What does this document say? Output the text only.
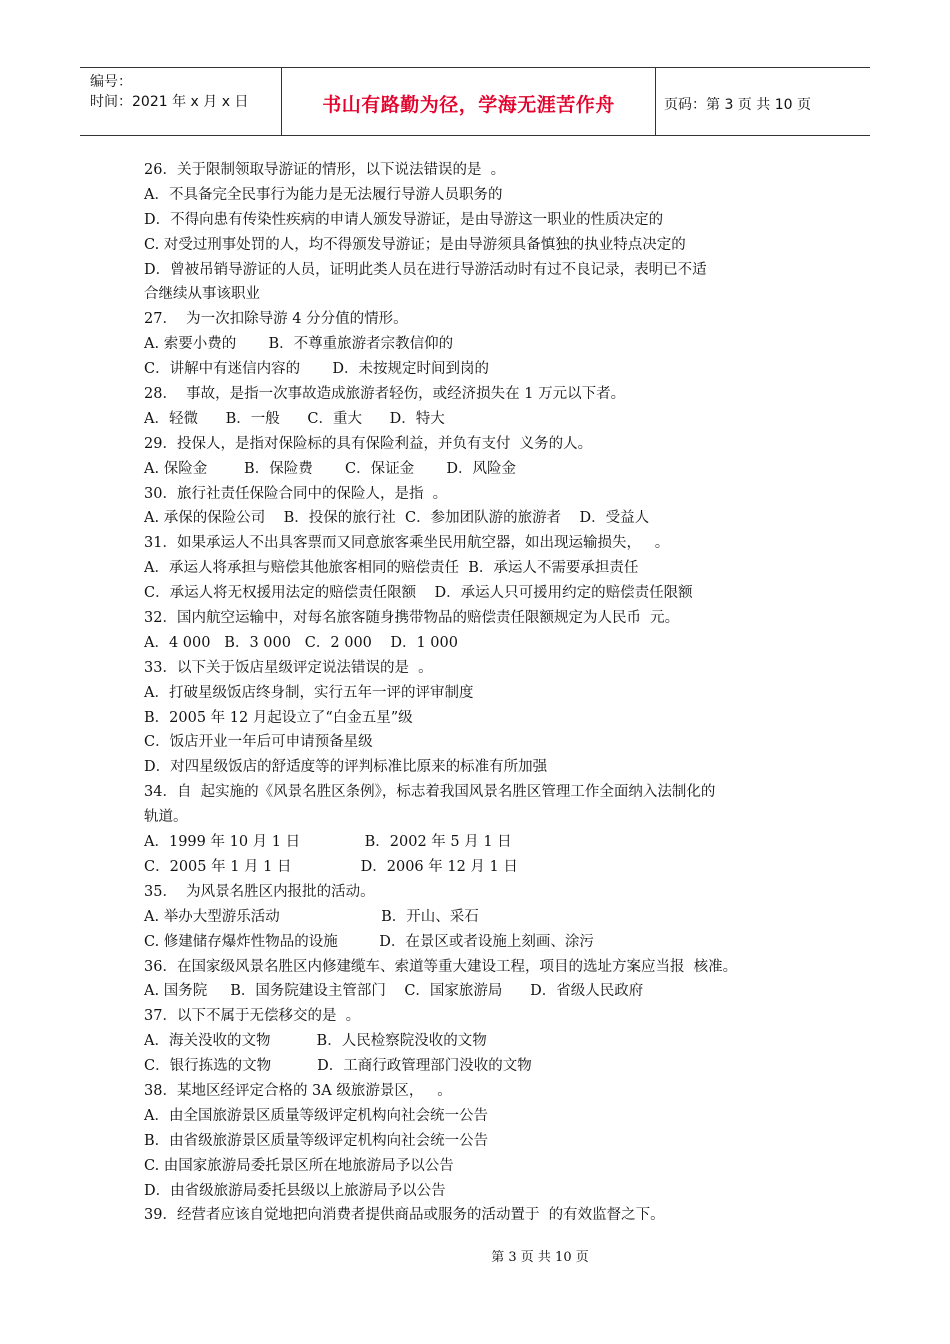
编号：
时间：2021 年 x 月 x 日	书山有路勤为径，学海无涯苦作舟	页码：第 3 页 共 10 页
26．关于限制领取导游证的情形，以下说法错误的是  。
A．不具备完全民事行为能力是无法履行导游人员职务的
D．不得向患有传染性疾病的申请人颁发导游证，是由导游这一职业的性质决定的
C. 对受过刑事处罚的人，均不得颁发导游证；是由导游须具备慎独的执业特点决定的
D．曾被吊销导游证的人员，证明此类人员在进行导游活动时有过不良记录，表明已不适
合继续从事该职业
27．  为一次扣除导游 4 分分值的情形。
A. 索要小费的       B．不尊重旅游者宗教信仰的
C．讲解中有迷信内容的       D．未按规定时间到岗的
28．  事故，是指一次事故造成旅游者轻伤，或经济损失在 1 万元以下者。
A．轻微      B．一般      C．重大      D．特大
29．投保人，是指对保险标的具有保险利益，并负有支付  义务的人。
A. 保险金        B．保险费       C．保证金       D．风险金
30．旅行社责任保险合同中的保险人，是指  。
A. 承保的保险公司    B．投保的旅行社  C．参加团队游的旅游者    D．受益人
31．如果承运人不出具客票而又同意旅客乘坐民用航空器，如出现运输损失，   。
A．承运人将承担与赔偿其他旅客相同的赔偿责任  B．承运人不需要承担责任
C．承运人将无权援用法定的赔偿责任限额    D．承运人只可援用约定的赔偿责任限额
32．国内航空运输中，对每名旅客随身携带物品的赔偿责任限额规定为人民币  元。
A．4 000   B．3 000   C．2 000    D．1 000
33．以下关于饭店星级评定说法错误的是  。
A．打破星级饭店终身制，实行五年一评的评审制度
B．2005 年 12 月起设立了“白金五星”级
C．饭店开业一年后可申请预备星级
D．对四星级饭店的舒适度等的评判标准比原来的标准有所加强
34．自  起实施的《风景名胜区条例》，标志着我国风景名胜区管理工作全面纳入法制化的
轨道。
A．1999 年 10 月 1 日              B．2002 年 5 月 1 日
C．2005 年 1 月 1 日               D．2006 年 12 月 1 日
35．  为风景名胜区内报批的活动。
A. 举办大型游乐活动                      B．开山、采石
C. 修建储存爆炸性物品的设施         D．在景区或者设施上刻画、涂污
36．在国家级风景名胜区内修建缆车、索道等重大建设工程，项目的选址方案应当报  核准。
A. 国务院     B．国务院建设主管部门    C．国家旅游局      D．省级人民政府
37．以下不属于无偿移交的是  。
A．海关没收的文物          B．人民检察院没收的文物
C．银行拣选的文物          D．工商行政管理部门没收的文物
38．某地区经评定合格的 3A 级旅游景区，   。
A．由全国旅游景区质量等级评定机构向社会统一公告
B．由省级旅游景区质量等级评定机构向社会统一公告
C. 由国家旅游局委托景区所在地旅游局予以公告
D．由省级旅游局委托县级以上旅游局予以公告
39．经营者应该自觉地把向消费者提供商品或服务的活动置于  的有效监督之下。
第 3 页 共 10 页
